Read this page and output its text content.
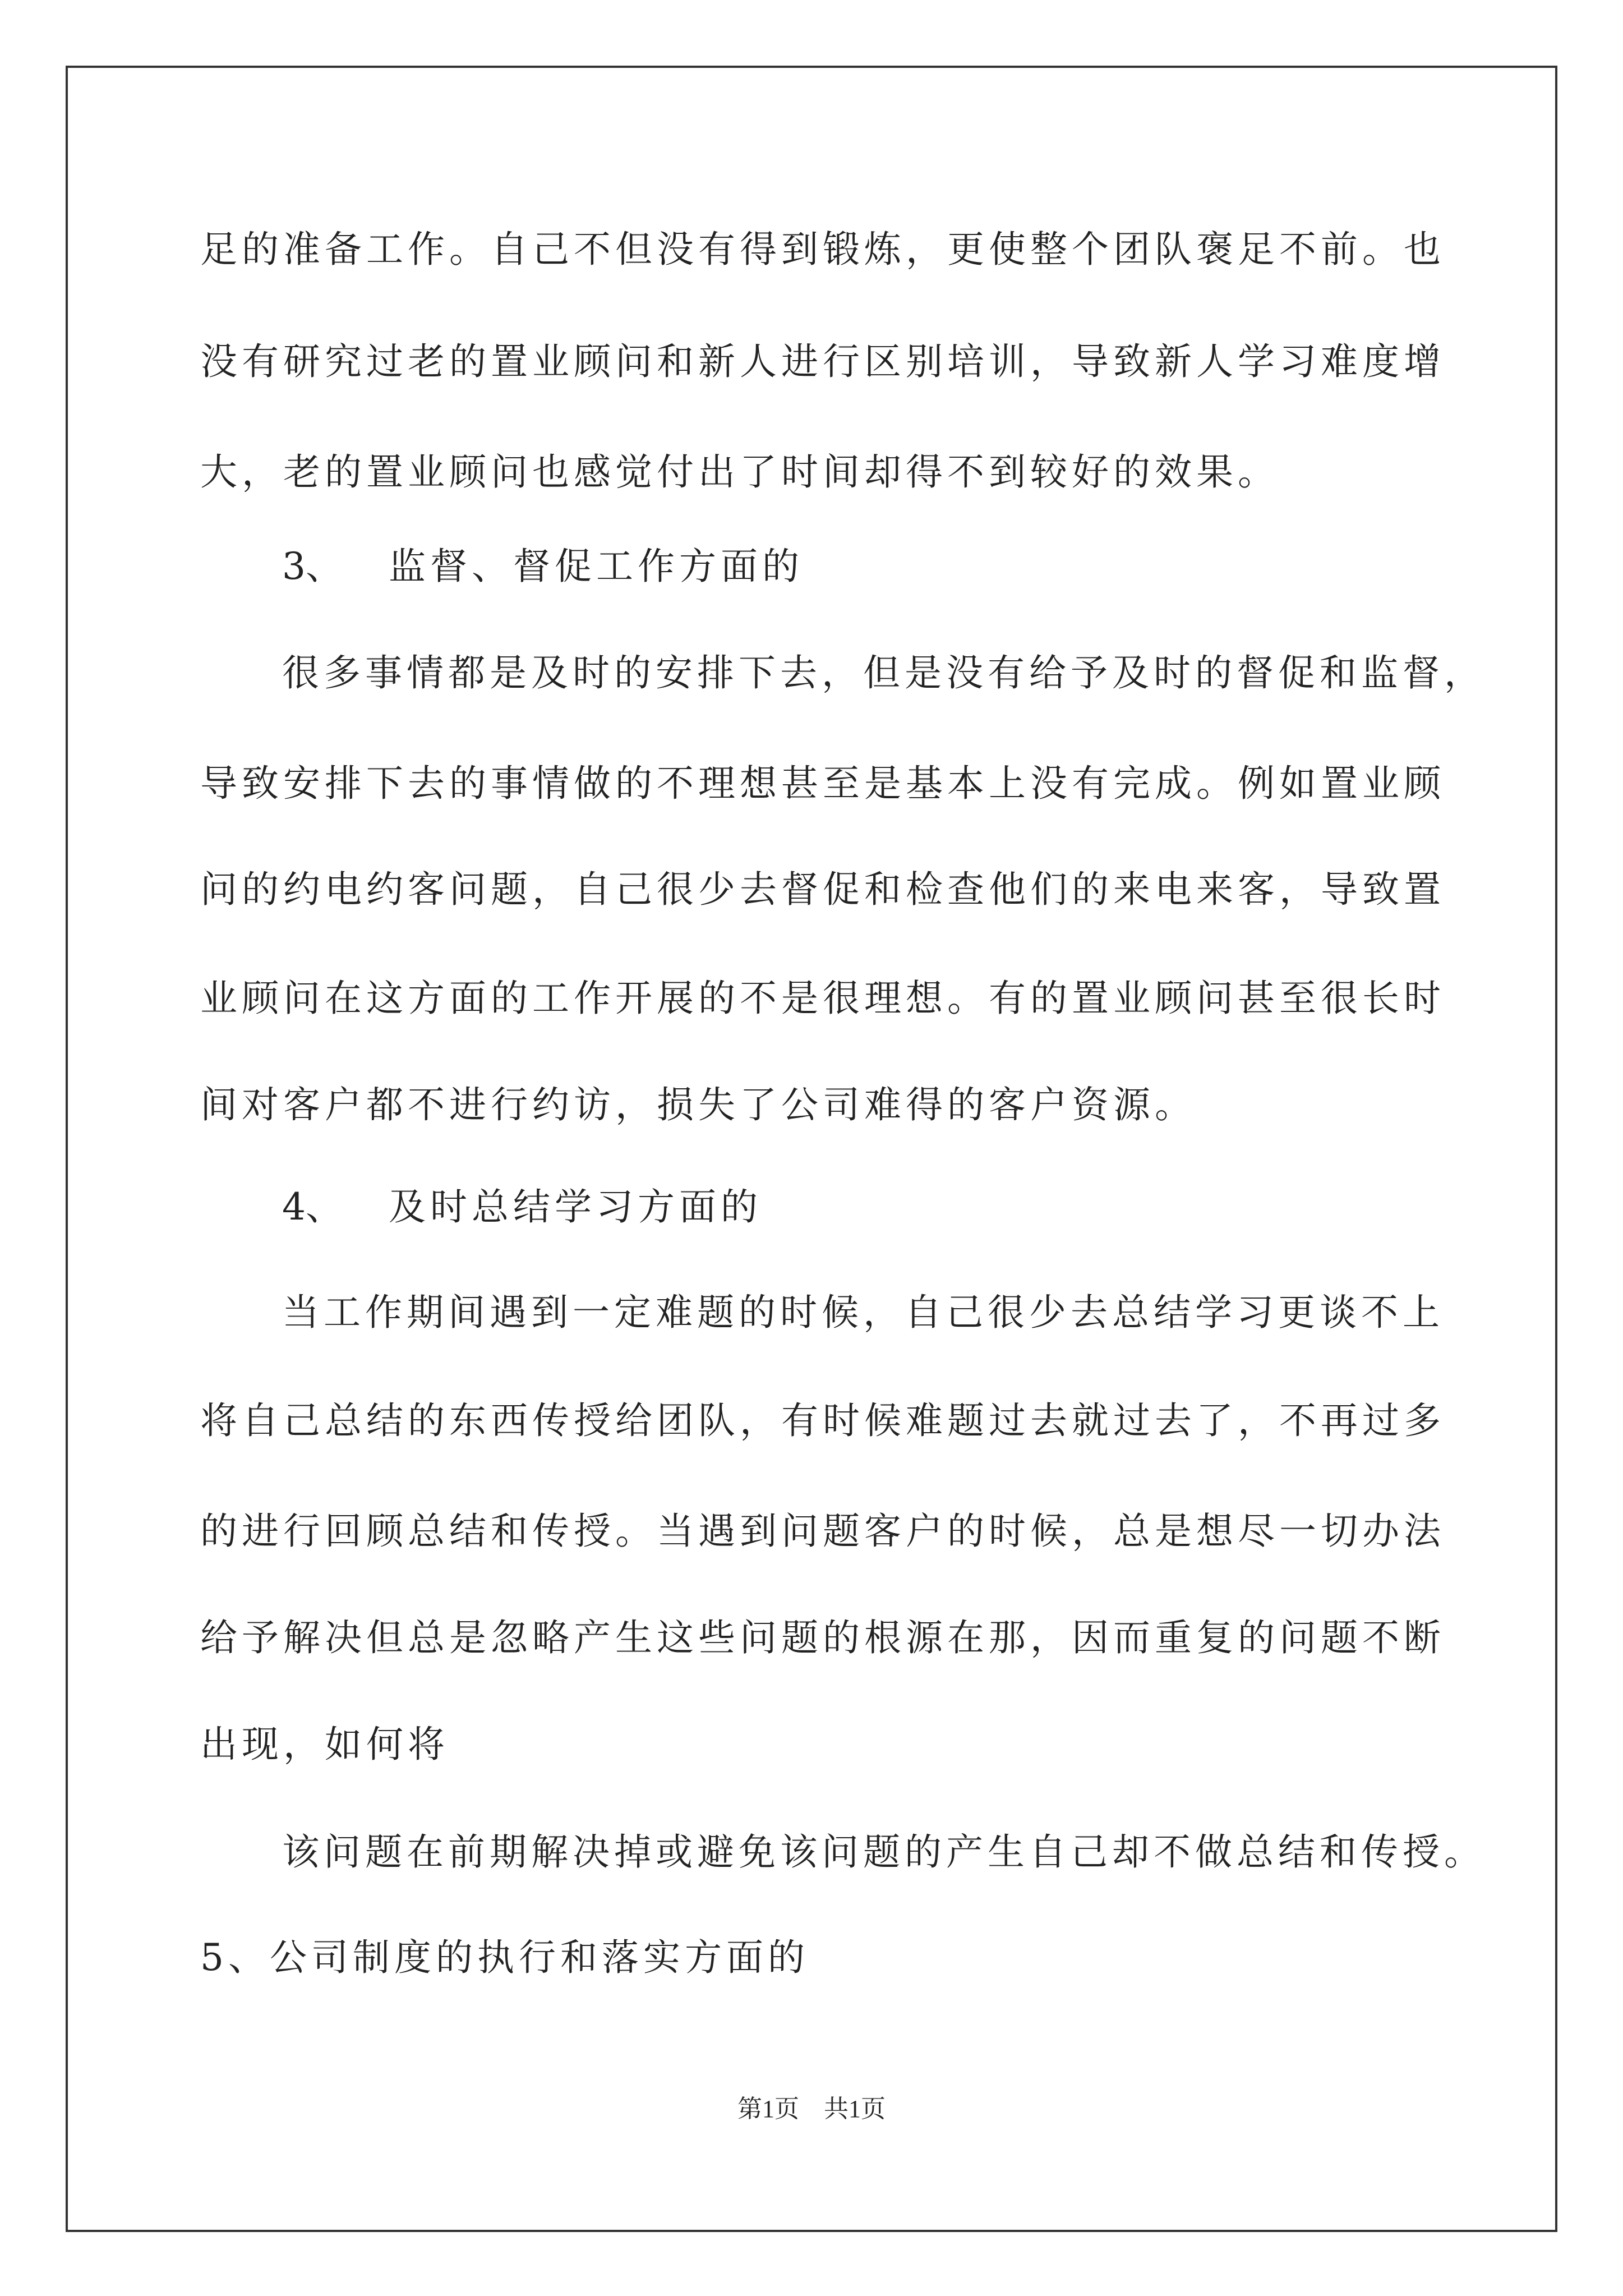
足的准备工作。自己不但没有得到锻炼，更使整个团队褒足不前。也
没有研究过老的置业顾问和新人进行区别培训，导致新人学习难度增
大，老的置业顾问也感觉付出了时间却得不到较好的效果。
3、 监督、督促工作方面的
很多事情都是及时的安排下去，但是没有给予及时的督促和监督，
导致安排下去的事情做的不理想甚至是基本上没有完成。例如置业顾
问的约电约客问题，自己很少去督促和检查他们的来电来客，导致置
业顾问在这方面的工作开展的不是很理想。有的置业顾问甚至很长时
间对客户都不进行约访，损失了公司难得的客户资源。
4、 及时总结学习方面的
当工作期间遇到一定难题的时候，自己很少去总结学习更谈不上
将自己总结的东西传授给团队，有时候难题过去就过去了，不再过多
的进行回顾总结和传授。当遇到问题客户的时候，总是想尽一切办法
给予解决但总是忽略产生这些问题的根源在那，因而重复的问题不断
出现，如何将
该问题在前期解决掉或避免该问题的产生自己却不做总结和传授。
5、公司制度的执行和落实方面的
第1页　共1页
